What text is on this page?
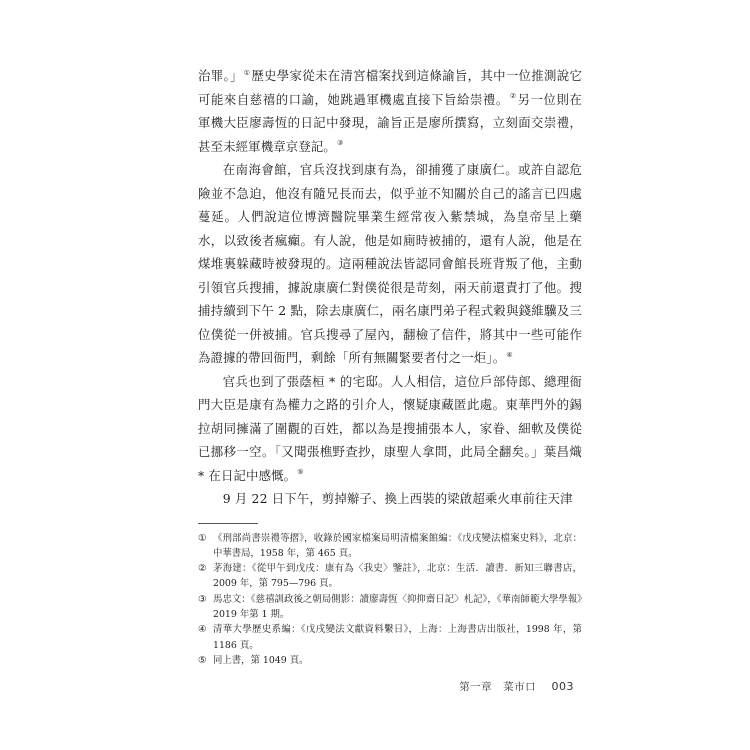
治罪。」①歷史學家從未在清宮檔案找到這條諭旨，其中一位推測說它可能來自慈禧的口諭，她跳過軍機處直接下旨給崇禮。②另一位則在軍機大臣廖壽恆的日記中發現，諭旨正是廖所撰寫，立刻面交崇禮，甚至未經軍機章京登記。③

在南海會館，官兵沒找到康有為，卻捕獲了康廣仁。或許自認危險並不急迫，他沒有隨兄長而去，似乎並不知關於自己的謠言已四處蔓延。人們說這位博濟醫院畢業生經常夜入紫禁城，為皇帝呈上藥水，以致後者瘋癲。有人說，他是如廁時被捕的，還有人說，他是在煤堆裏躲藏時被發現的。這兩種說法皆認同會館長班背叛了他，主動引領官兵搜捕，據說康廣仁對僕從很是苛刻，兩天前還責打了他。搜捕持續到下午 2 點，除去康廣仁，兩名康門弟子程式穀與錢維驥及三位僕從一併被捕。官兵搜尋了屋內，翻檢了信件，將其中一些可能作為證據的帶回衙門，剩餘「所有無關緊要者付之一炬」。④

官兵也到了張蔭桓 * 的宅邸。人人相信，這位戶部侍郎、總理衙門大臣是康有為權力之路的引介人，懷疑康藏匿此處。東華門外的錫拉胡同擁滿了圍觀的百姓，都以為是搜捕張本人，家眷、細軟及僕從已挪移一空。「又聞張樵野查抄，康聖人拿問，此局全翻矣。」葉昌熾 * 在日記中感慨。⑤

9 月 22 日下午，剪掉辮子、換上西裝的梁啟超乘火車前往天津

① 《刑部尚書崇禮等摺》，收錄於國家檔案局明清檔案館編：《戊戌變法檔案史料》，北京：中華書局，1958 年，第 465 頁。
② 茅海建：《從甲午到戊戌：康有為〈我史〉鑒註》，北京：生活．讀書．新知三聯書店，2009 年，第 795—796 頁。
③ 馬忠文：《慈禧訓政後之朝局側影：讀廖壽恆〈抑抑齋日記〉札記》，《華南師範大學學報》2019 年第 1 期。
④ 清華大學歷史系編：《戊戌變法文獻資料繫日》，上海：上海書店出版社，1998 年，第 1186 頁。
⑤ 同上書，第 1049 頁。
第一章　菜市口 003
